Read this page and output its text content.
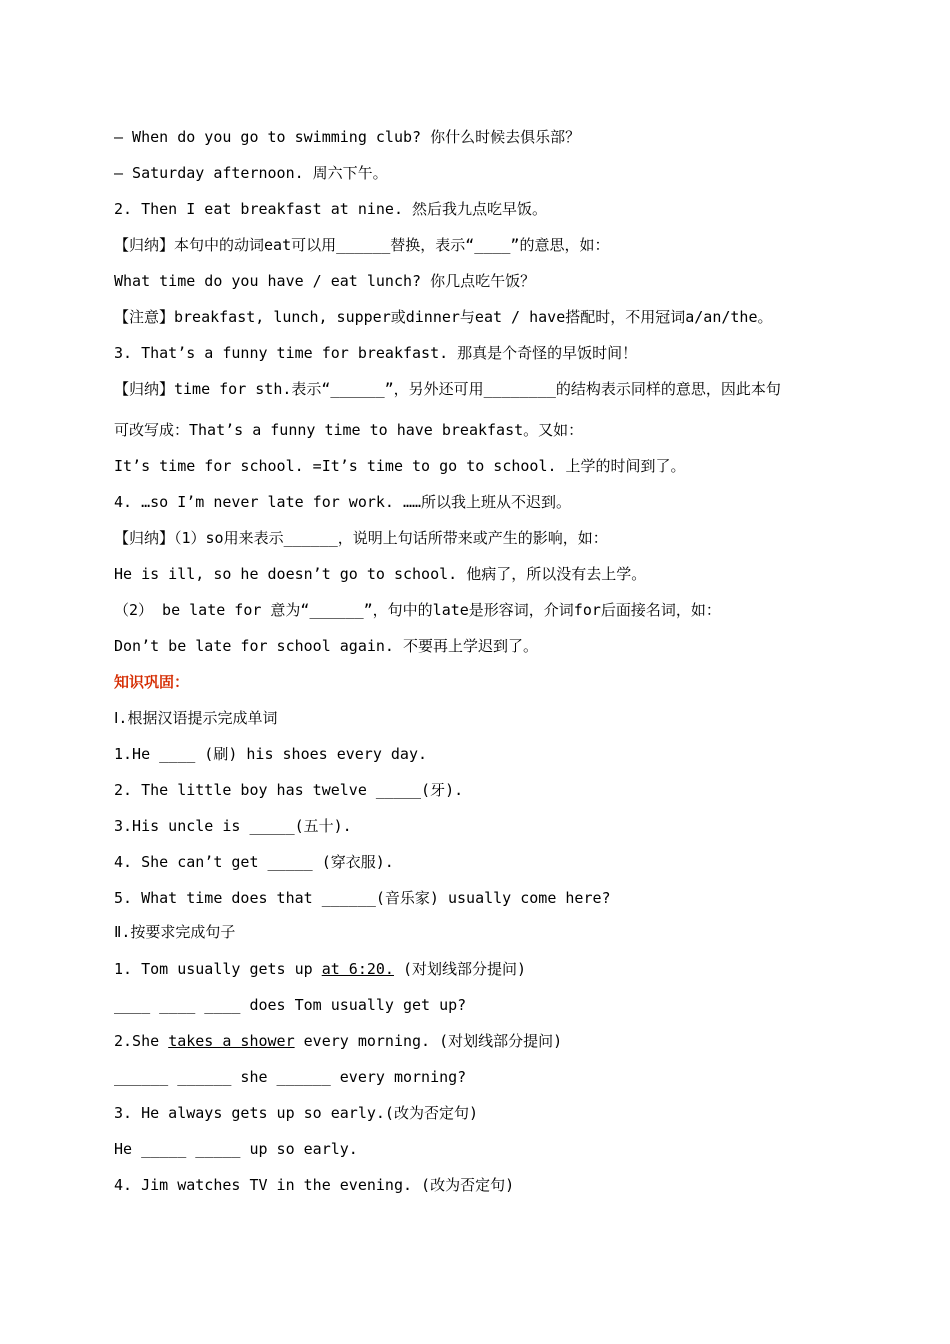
— When do you go to swimming club? 你什么时候去俱乐部？
— Saturday afternoon. 周六下午。
2. Then I eat breakfast at nine. 然后我九点吃早饭。
【归纳】本句中的动词eat可以用______替换，表示“____”的意思，如：
What time do you have / eat lunch? 你几点吃午饭？
【注意】breakfast, lunch, supper或dinner与eat / have搭配时，不用冠词a/an/the。
3. That’s a funny time for breakfast. 那真是个奇怪的早饭时间！
【归纳】time for sth.表示“______”，另外还可用________的结构表示同样的意思，因此本句
可改写成：That’s a funny time to have breakfast。又如：
It’s time for school. =It’s time to go to school. 上学的时间到了。
4. …so I’m never late for work. ……所以我上班从不迟到。
【归纳】（1）so用来表示______，说明上句话所带来或产生的影响，如：
He is ill, so he doesn’t go to school. 他病了，所以没有去上学。
（2） be late for 意为“______”，句中的late是形容词，介词for后面接名词，如：
Don’t be late for school again. 不要再上学迟到了。
知识巩固：
Ⅰ.根据汉语提示完成单词
1.He ____ (刷) his shoes every day.
2. The little boy has twelve _____(牙).
3.His uncle is _____(五十).
4. She can’t get _____ (穿衣服).
5. What time does that ______(音乐家) usually come here?
Ⅱ.按要求完成句子
1. Tom usually gets up at 6:20. (对划线部分提问)
____ ____ ____ does Tom usually get up?
2.She takes a shower every morning. (对划线部分提问)
______ ______ she ______ every morning?
3. He always gets up so early.(改为否定句)
He _____ _____ up so early.
4. Jim watches TV in the evening. (改为否定句)
